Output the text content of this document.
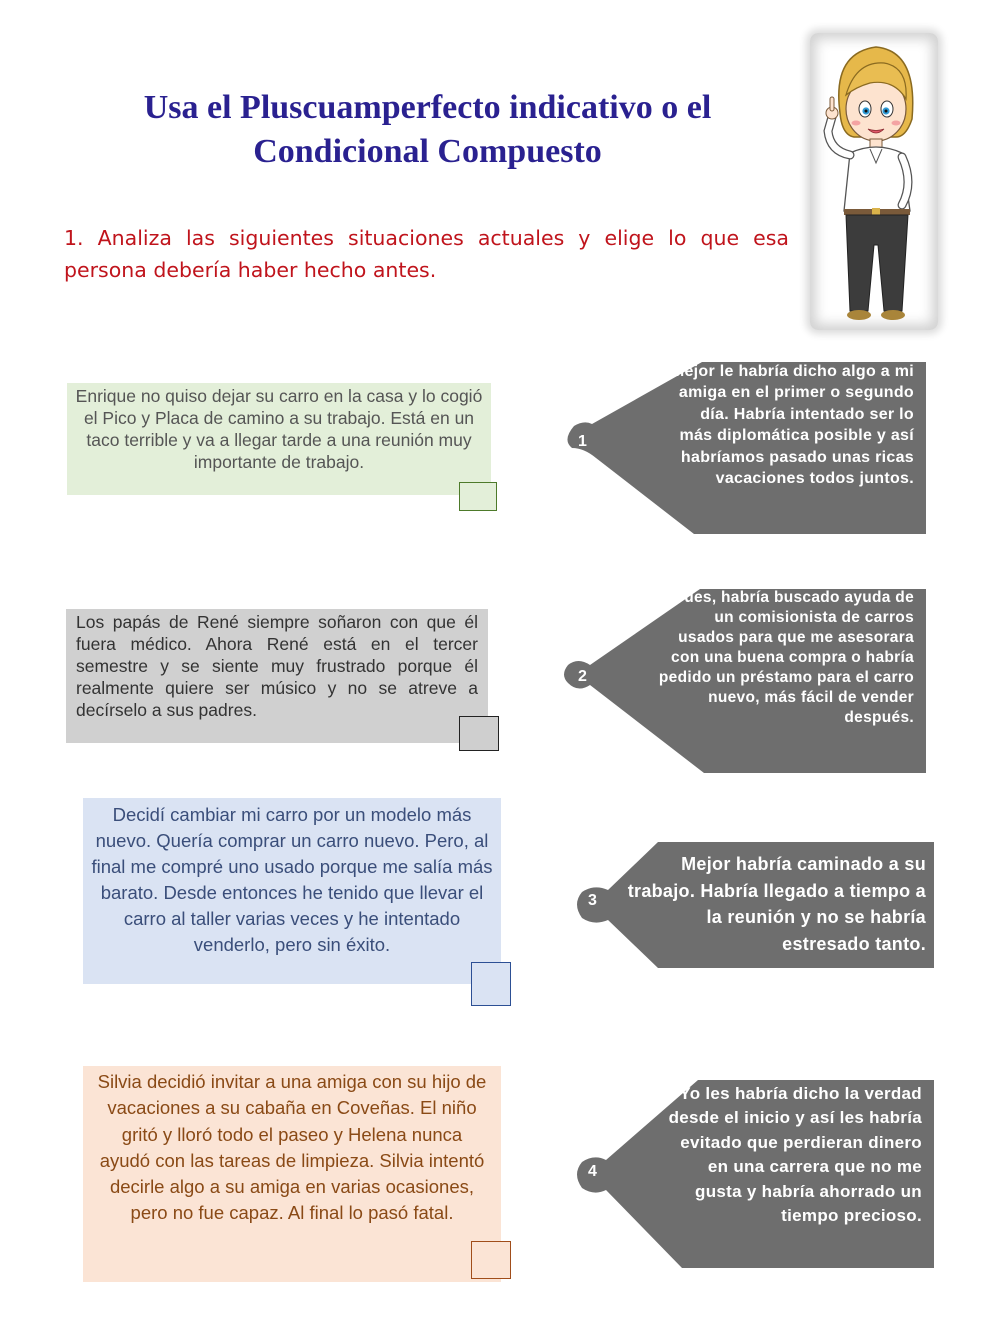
Usa el Pluscuamperfecto indicativo o el
Condicional Compuesto
1. Analiza las siguientes situaciones actuales y elige lo que esa
persona debería haber hecho antes.
Enrique no quiso dejar su carro en la casa y lo cogió el Pico y Placa de camino a su trabajo. Está en un taco terrible y va a llegar tarde a una reunión muy importante de trabajo.
Los papás de René siempre soñaron con que él fuera médico. Ahora René está en el tercer semestre y se siente muy frustrado porque él realmente quiere ser músico y no se atreve a decírselo a sus padres.
Decidí cambiar mi carro por un modelo más nuevo. Quería comprar un carro nuevo. Pero, al final me compré uno usado porque me salía más barato. Desde entonces he tenido que llevar el carro al taller varias veces y he intentado venderlo, pero sin éxito.
Silvia decidió invitar a una amiga con su hijo de vacaciones a su cabaña en Coveñas. El niño gritó y lloró todo el paseo y Helena nunca ayudó con las tareas de limpieza. Silvia intentó decirle algo a su amiga en varias ocasiones, pero no fue capaz. Al final lo pasó fatal.
1
Mejor le habría dicho algo a mi amiga en el primer o segundo día. Habría intentado ser lo más diplomática posible y así habríamos pasado unas ricas vacaciones todos juntos.
2
Pues, habría buscado ayuda de un comisionista de carros usados para que me asesorara con una buena compra o habría pedido un préstamo para el carro nuevo, más fácil de vender después.
3
Mejor habría caminado a su trabajo. Habría llegado a tiempo a la reunión y no se habría estresado tanto.
4
Yo les habría dicho la verdad desde el inicio y así les habría evitado que perdieran dinero en una carrera que no me gusta y habría ahorrado un tiempo precioso.
